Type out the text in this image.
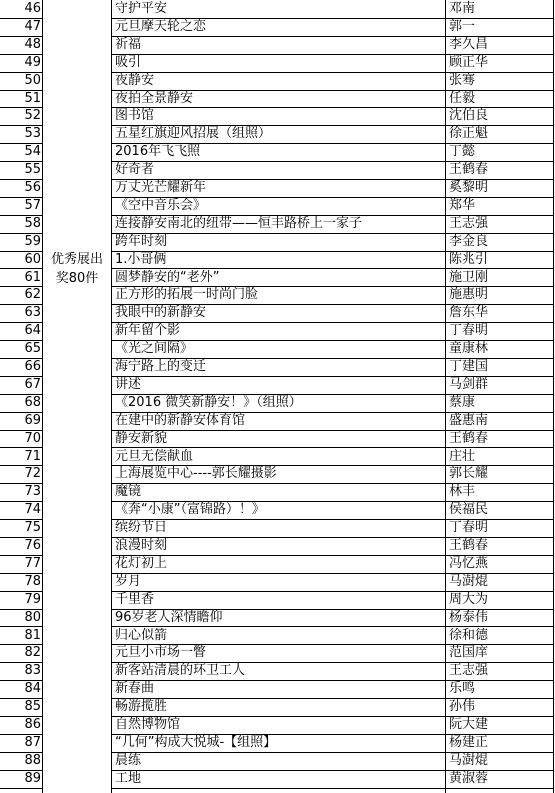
优秀展出
奖80件
46	守护平安	邓南
47	元旦摩天轮之恋	郭一
48	祈福	李久昌
49	吸引	顾正华
50	夜静安	张骞
51	夜拍全景静安	任毅
52	图书馆	沈伯良
53	五星红旗迎风招展（组照）	徐正魁
54	2016年飞飞照	丁懿
55	好奇者	王鹤春
56	万丈光芒耀新年	奚黎明
57	《空中音乐会》	郑华
58	连接静安南北的纽带——恒丰路桥上一家子	王志强
59	跨年时刻	李金良
60	1.小哥俩	陈兆引
61	圆梦静安的“老外”	施卫刚
62	正方形的拓展一时尚门脸	施惠明
63	我眼中的新静安	詹东华
64	新年留个影	丁春明
65	《光之间隔》	童康林
66	海宁路上的变迁	丁建国
67	讲述	马剑群
68	《2016 微笑新静安！》（组照）	蔡康
69	在建中的新静安体育馆	盛惠南
70	静安新貌	王鹤春
71	元旦无偿献血	庄壮
72	上海展览中心----郭长耀摄影	郭长耀
73	魔镜	林丰
74	《奔“小康”（富锦路）！》	侯福民
75	缤纷节日	丁春明
76	浪漫时刻	王鹤春
77	花灯初上	冯忆燕
78	岁月	马澍焜
79	千里香	周大为
80	96岁老人深情瞻仰	杨泰伟
81	归心似箭	徐和德
82	元旦小市场一瞥	范国庠
83	新客站清晨的环卫工人	王志强
84	新春曲	乐鸣
85	畅游揽胜	孙伟
86	自然博物馆	阮大建
87	“几何”构成大悦城-【组照】	杨建正
88	晨练	马澍焜
89	工地	黄淑蓉
